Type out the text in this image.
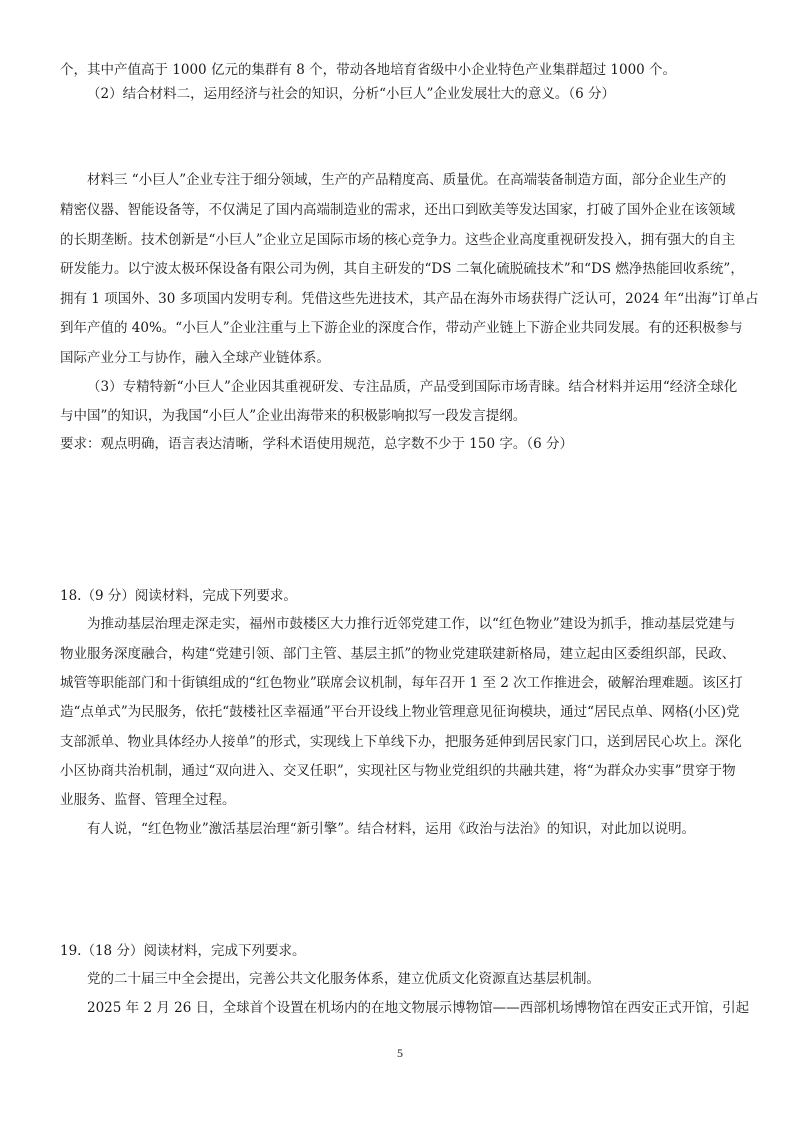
个，其中产值高于 1000 亿元的集群有 8 个，带动各地培育省级中小企业特色产业集群超过 1000 个。
（2）结合材料二，运用经济与社会的知识，分析“小巨人”企业发展壮大的意义。（6 分）
材料三 “小巨人”企业专注于细分领域，生产的产品精度高、质量优。在高端装备制造方面，部分企业生产的
精密仪器、智能设备等，不仅满足了国内高端制造业的需求，还出口到欧美等发达国家，打破了国外企业在该领域
的长期垄断。技术创新是“小巨人”企业立足国际市场的核心竞争力。这些企业高度重视研发投入，拥有强大的自主
研发能力。以宁波太极环保设备有限公司为例，其自主研发的“DS 二氧化硫脱硫技术”和“DS 燃净热能回收系统”，
拥有 1 项国外、30 多项国内发明专利。凭借这些先进技术，其产品在海外市场获得广泛认可，2024 年“出海”订单占
到年产值的 40%。“小巨人”企业注重与上下游企业的深度合作，带动产业链上下游企业共同发展。有的还积极参与
国际产业分工与协作，融入全球产业链体系。
（3）专精特新“小巨人”企业因其重视研发、专注品质，产品受到国际市场青睐。结合材料并运用“经济全球化
与中国”的知识，为我国“小巨人”企业出海带来的积极影响拟写一段发言提纲。
要求：观点明确，语言表达清晰，学科术语使用规范，总字数不少于 150 字。（6 分）
18.（9 分）阅读材料，完成下列要求。
为推动基层治理走深走实，福州市鼓楼区大力推行近邻党建工作，以“红色物业”建设为抓手，推动基层党建与
物业服务深度融合，构建“党建引领、部门主管、基层主抓”的物业党建联建新格局，建立起由区委组织部，民政、
城管等职能部门和十街镇组成的“红色物业”联席会议机制，每年召开 1 至 2 次工作推进会，破解治理难题。该区打
造“点单式”为民服务，依托“鼓楼社区幸福通”平台开设线上物业管理意见征询模块，通过“居民点单、网格(小区)党
支部派单、物业具体经办人接单”的形式，实现线上下单线下办，把服务延伸到居民家门口，送到居民心坎上。深化
小区协商共治机制，通过“双向进入、交叉任职”，实现社区与物业党组织的共融共建，将“为群众办实事”贯穿于物
业服务、监督、管理全过程。
有人说，“红色物业”激活基层治理“新引擎”。结合材料，运用《政治与法治》的知识，对此加以说明。
19.（18 分）阅读材料，完成下列要求。
党的二十届三中全会提出，完善公共文化服务体系，建立优质文化资源直达基层机制。
2025 年 2 月 26 日，全球首个设置在机场内的在地文物展示博物馆——西部机场博物馆在西安正式开馆，引起
5
